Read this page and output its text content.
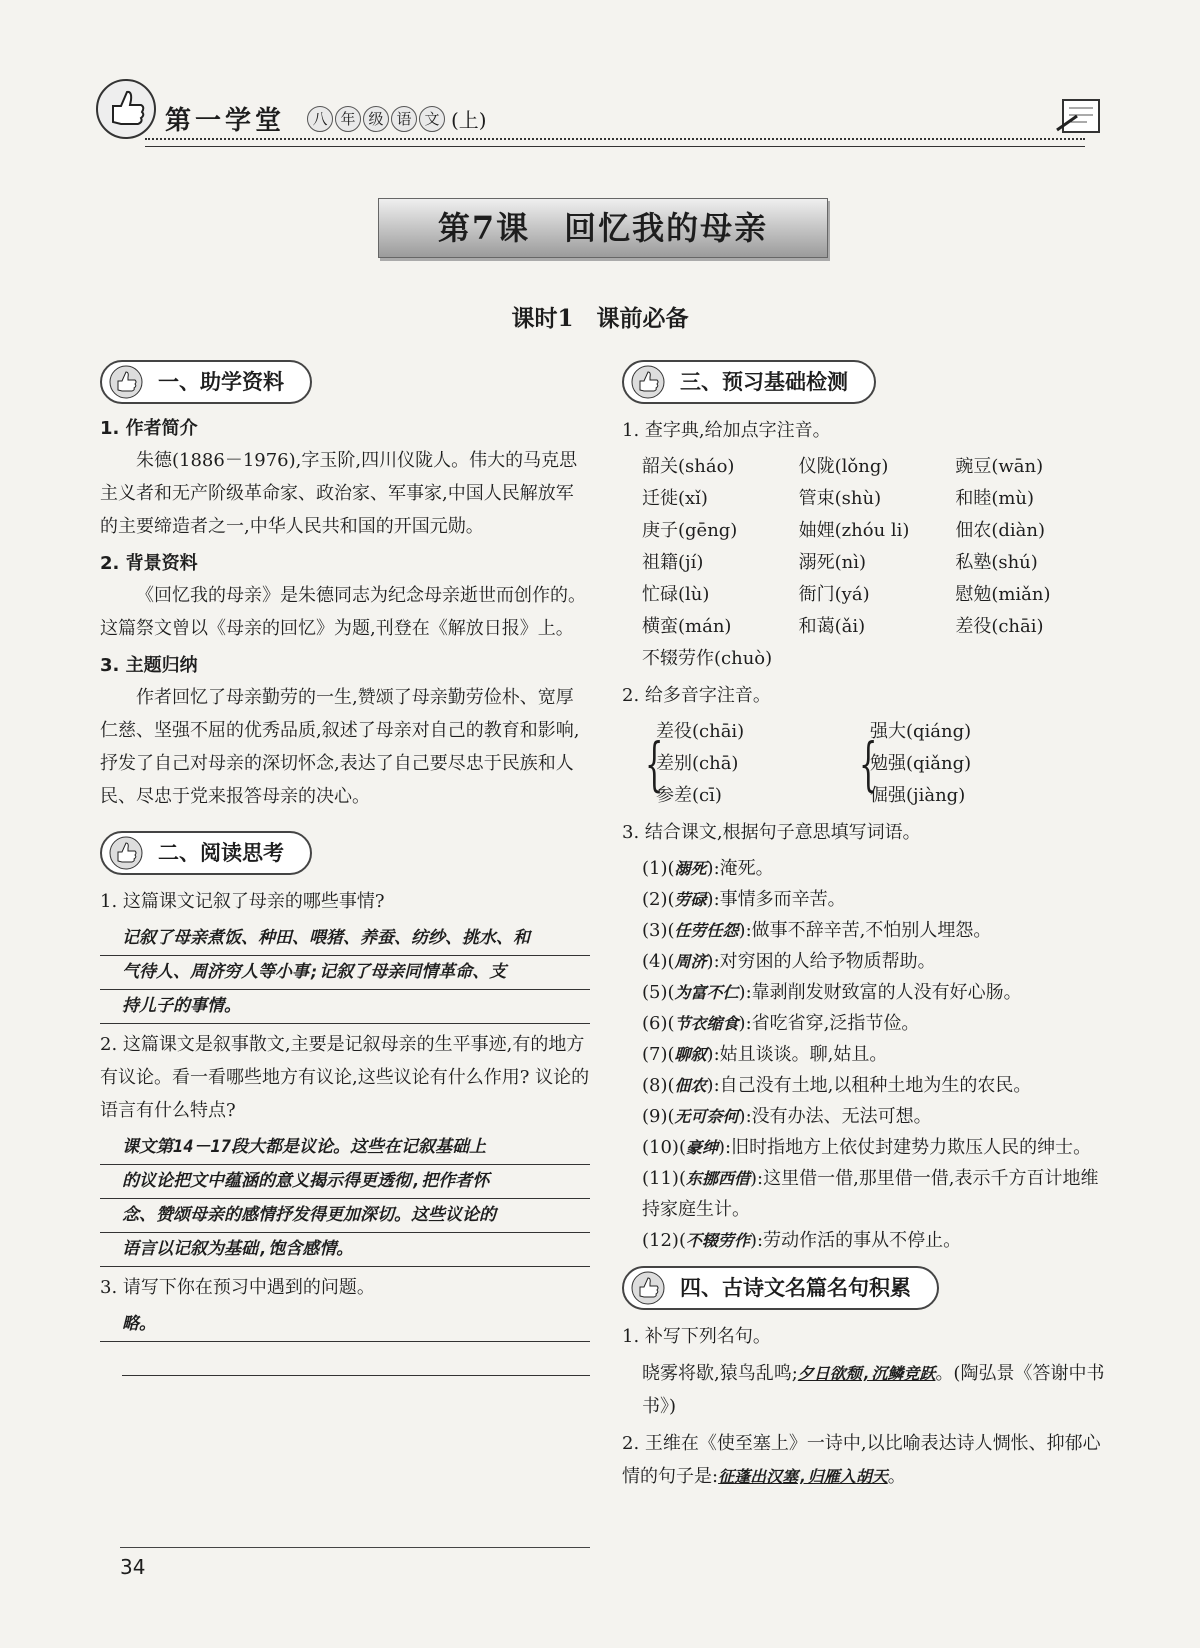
第一学堂	八 年 级 语 文 (上)
第7课　回忆我的母亲
课时1　课前必备
一、助学资料
1. 作者简介

朱德(1886－1976),字玉阶,四川仪陇人。伟大的马克思主义者和无产阶级革命家、政治家、军事家,中国人民解放军的主要缔造者之一,中华人民共和国的开国元勋。

2. 背景资料

《回忆我的母亲》是朱德同志为纪念母亲逝世而创作的。这篇祭文曾以《母亲的回忆》为题,刊登在《解放日报》上。

3. 主题归纳

作者回忆了母亲勤劳的一生,赞颂了母亲勤劳俭朴、宽厚仁慈、坚强不屈的优秀品质,叙述了母亲对自己的教育和影响,抒发了自己对母亲的深切怀念,表达了自己要尽忠于民族和人民、尽忠于党来报答母亲的决心。

二、阅读思考

1. 这篇课文记叙了母亲的哪些事情?

记叙了母亲煮饭、种田、喂猪、养蚕、纺纱、挑水、和

气待人、周济穷人等小事;记叙了母亲同情革命、支

持儿子的事情。

2. 这篇课文是叙事散文,主要是记叙母亲的生平事迹,有的地方有议论。看一看哪些地方有议论,这些议论有什么作用? 议论的语言有什么特点?

课文第14－17段大都是议论。这些在记叙基础上

的议论把文中蕴涵的意义揭示得更透彻,把作者怀

念、赞颂母亲的感情抒发得更加深切。这些议论的

语言以记叙为基础,饱含感情。

3. 请写下你在预习中遇到的问题。

略。

三、预习基础检测

1. 查字典,给加点字注音。

韶关(sháo)	仪陇(lǒng)	豌豆(wān)
迁徙(xǐ)	管束(shù)	和睦(mù)
庚子(gēng)	妯娌(zhóu li)	佃农(diàn)
祖籍(jí)	溺死(nì)	私塾(shú)
忙碌(lù)	衙门(yá)	慰勉(miǎn)
横蛮(mán)	和蔼(ǎi)	差役(chāi)
不辍劳作(chuò)

2. 给多音字注音。

{
差役(chāi)
差别(chā)
参差(cī)	{
强大(qiáng)
勉强(qiǎng)
倔强(jiàng)

3. 结合课文,根据句子意思填写词语。

(1)(溺死):淹死。
(2)(劳碌):事情多而辛苦。
(3)(任劳任怨):做事不辞辛苦,不怕别人埋怨。
(4)(周济):对穷困的人给予物质帮助。
(5)(为富不仁):靠剥削发财致富的人没有好心肠。
(6)(节衣缩食):省吃省穿,泛指节俭。
(7)(聊叙):姑且谈谈。聊,姑且。
(8)(佃农):自己没有土地,以租种土地为生的农民。
(9)(无可奈何):没有办法、无法可想。
(10)(豪绅):旧时指地方上依仗封建势力欺压人民的绅士。
(11)(东挪西借):这里借一借,那里借一借,表示千方百计地维持家庭生计。
(12)(不辍劳作):劳动作活的事从不停止。
四、古诗文名篇名句积累

1. 补写下列名句。

晓雾将歇,猿鸟乱鸣;夕日欲颓,沉鳞竞跃。(陶弘景《答谢中书书》)

2. 王维在《使至塞上》一诗中,以比喻表达诗人惆怅、抑郁心情的句子是:征蓬出汉塞,归雁入胡天。

34
